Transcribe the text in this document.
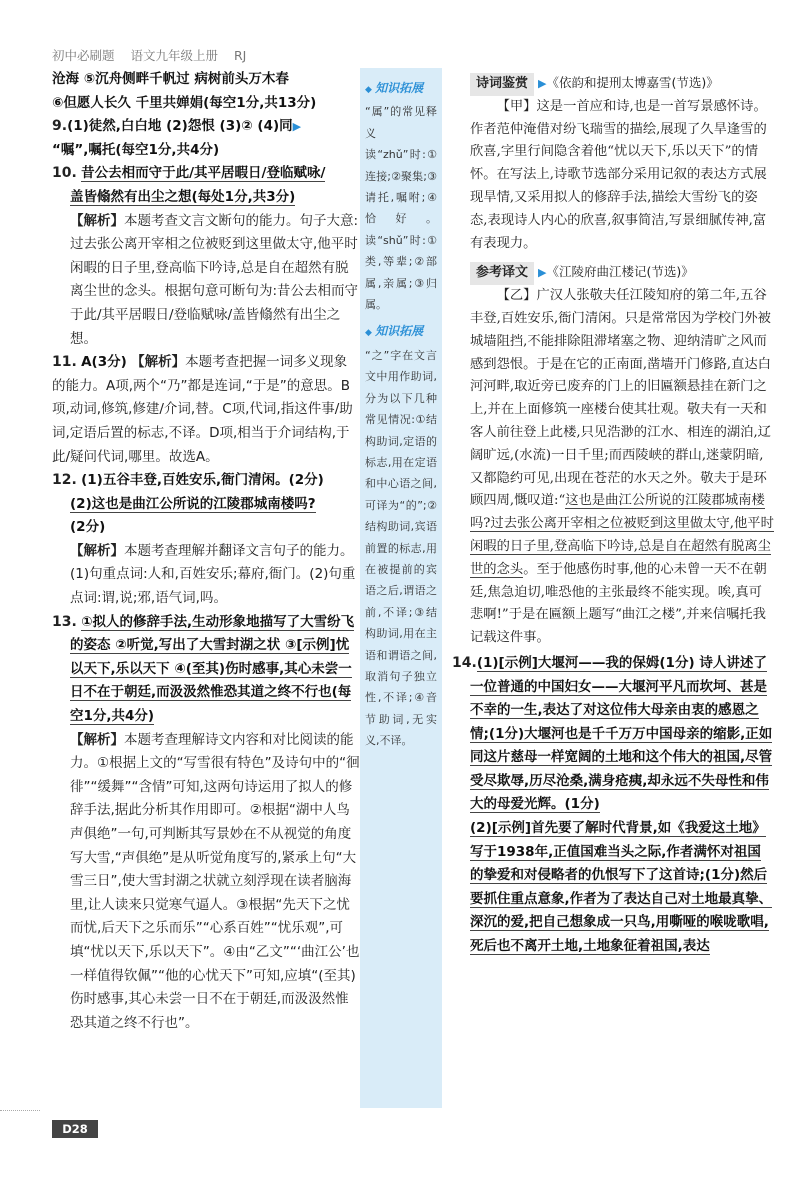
初中必刷题 语文九年级上册 RJ

沧海 ⑤沉舟侧畔千帆过 病树前头万木春

⑥但愿人长久 千里共婵娟(每空1分,共13分)

9.(1)徒然,白白地 (2)怨恨 (3)② (4)同▶

“嘱”,嘱托(每空1分,共4分)

10. 昔公去相而守于此/其平居暇日/登临赋咏/

盖皆翛然有出尘之想(每处1分,共3分)

【解析】本题考查文言文断句的能力。句子大意:过去张公离开宰相之位被贬到这里做太守,他平时闲暇的日子里,登高临下吟诗,总是自在超然有脱离尘世的念头。根据句意可断句为:昔公去相而守于此/其平居暇日/登临赋咏/盖皆翛然有出尘之想。

11. A(3分) 【解析】本题考查把握一词多义现象的能力。A项,两个“乃”都是连词,“于是”的意思。B项,动词,修筑,修建/介词,替。C项,代词,指这件事/助词,定语后置的标志,不译。D项,相当于介词结构,于此/疑问代词,哪里。故选A。

12. (1)五谷丰登,百姓安乐,衙门清闲。(2分)

(2)这也是曲江公所说的江陵郡城南楼吗?

(2分)

【解析】本题考查理解并翻译文言句子的能力。(1)句重点词:人和,百姓安乐;幕府,衙门。(2)句重点词:谓,说;邪,语气词,吗。

13. ①拟人的修辞手法,生动形象地描写了大雪纷飞的姿态 ②听觉,写出了大雪封湖之状 ③[示例]忧以天下,乐以天下 ④(至其)伤时感事,其心未尝一日不在于朝廷,而汲汲然惟恐其道之终不行也(每空1分,共4分)

【解析】本题考查理解诗文内容和对比阅读的能力。①根据上文的“写雪很有特色”及诗句中的“徊徘”“缓舞”“含情”可知,这两句诗运用了拟人的修辞手法,据此分析其作用即可。②根据“湖中人鸟声俱绝”一句,可判断其写景妙在不从视觉的角度写大雪,“声俱绝”是从听觉角度写的,紧承上句“大雪三日”,使大雪封湖之状就立刻浮现在读者脑海里,让人读来只觉寒气逼人。③根据“先天下之忧而忧,后天下之乐而乐”“心系百姓”“忧乐观”,可填“忧以天下,乐以天下”。④由“乙文”“‘曲江公’也一样值得钦佩”“他的心忧天下”可知,应填“(至其)伤时感事,其心未尝一日不在于朝廷,而汲汲然惟恐其道之终不行也”。

◆ 知识拓展

“属”的常见释义读“zhǔ”时:①连接;②聚集;③请托,嘱咐;④恰好。读“shǔ”时:①类,等辈;②部属,亲属;③归属。

◆ 知识拓展

“之”字在文言文中用作助词,分为以下几种常见情况:①结构助词,定语的标志,用在定语和中心语之间,可译为“的”;②结构助词,宾语前置的标志,用在被提前的宾语之后,谓语之前,不译;③结构助词,用在主语和谓语之间,取消句子独立性,不译;④音节助词,无实义,不译。

诗词鉴赏 ▶《依韵和提刑太博嘉雪(节选)》

【甲】这是一首应和诗,也是一首写景感怀诗。作者范仲淹借对纷飞瑞雪的描绘,展现了久旱逢雪的欣喜,字里行间隐含着他“忧以天下,乐以天下”的情怀。在写法上,诗歌节选部分采用记叙的表达方式展现旱情,又采用拟人的修辞手法,描绘大雪纷飞的姿态,表现诗人内心的欣喜,叙事简洁,写景细腻传神,富有表现力。

参考译文 ▶《江陵府曲江楼记(节选)》

【乙】广汉人张敬夫任江陵知府的第二年,五谷丰登,百姓安乐,衙门清闲。只是常常因为学校门外被城墙阻挡,不能排除阻滞堵塞之物、迎纳清旷之风而感到怨恨。于是在它的正南面,凿墙开门修路,直达白河河畔,取近旁已废弃的门上的旧匾额悬挂在新门之上,并在上面修筑一座楼台使其壮观。敬夫有一天和客人前往登上此楼,只见浩渺的江水、相连的湖泊,辽阔旷远,(水流)一日千里;而西陵峡的群山,迷蒙阴暗,又都隐约可见,出现在苍茫的水天之外。敬夫于是环顾四周,慨叹道:“这也是曲江公所说的江陵郡城南楼吗?过去张公离开宰相之位被贬到这里做太守,他平时闲暇的日子里,登高临下吟诗,总是自在超然有脱离尘世的念头。至于他感伤时事,他的心未曾一天不在朝廷,焦急迫切,唯恐他的主张最终不能实现。唉,真可悲啊!”于是在匾额上题写“曲江之楼”,并来信嘱托我记载这件事。

14.(1)[示例]大堰河——我的保姆(1分) 诗人讲述了一位普通的中国妇女——大堰河平凡而坎坷、甚是不幸的一生,表达了对这位伟大母亲由衷的感恩之情;(1分)大堰河也是千千万万中国母亲的缩影,正如同这片慈母一样宽阔的土地和这个伟大的祖国,尽管受尽欺辱,历尽沧桑,满身疮痍,却永远不失母性和伟大的母爱光辉。(1分)

(2)[示例]首先要了解时代背景,如《我爱这土地》写于1938年,正值国难当头之际,作者满怀对祖国的挚爱和对侵略者的仇恨写下了这首诗;(1分)然后要抓住重点意象,作者为了表达自己对土地最真挚、深沉的爱,把自己想象成一只鸟,用嘶哑的喉咙歌唱,死后也不离开土地,土地象征着祖国,表达

D28
